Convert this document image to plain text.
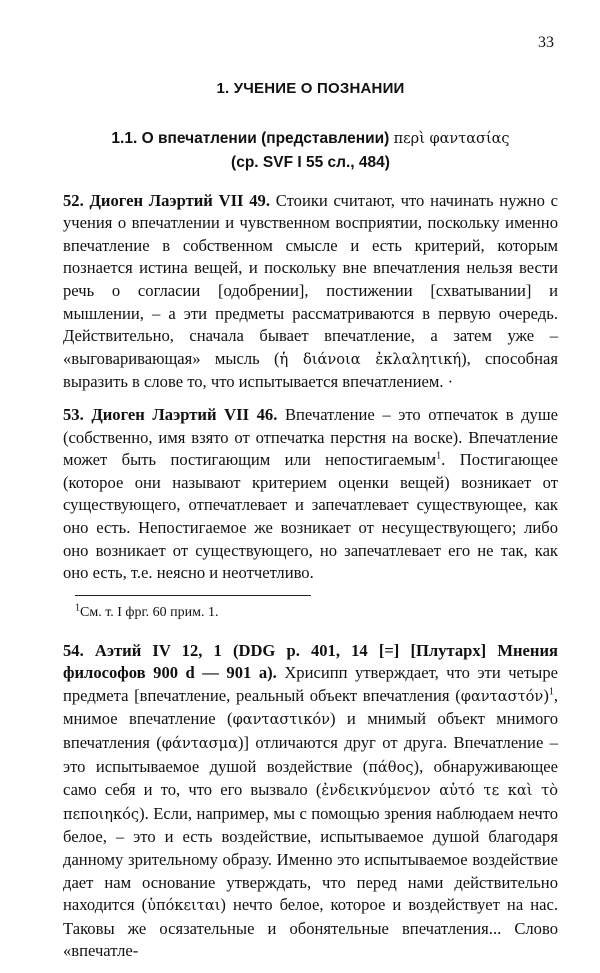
33
1. УЧЕНИЕ О ПОЗНАНИИ
1.1. О впечатлении (представлении) περὶ φαντασίας
(ср. SVF I 55 сл., 484)

52. Диоген Лаэртий VII 49. Стоики считают, что начинать нужно с учения о впечатлении и чувственном восприятии, поскольку именно впечатление в собственном смысле и есть критерий, которым познается истина вещей, и поскольку вне впечатления нельзя вести речь о согласии [одобрении], постижении [схватывании] и мышлении, – а эти предметы рассматриваются в первую очередь. Действительно, сначала бывает впечатление, а затем уже – «выговаривающая» мысль (ἡ διάνοια ἐκλαλητική), способная выразить в слове то, что испытывается впечатлением. ·

53. Диоген Лаэртий VII 46. Впечатление – это отпечаток в душе (собственно, имя взято от отпечатка перстня на воске). Впечатление может быть постигающим или непостигаемым$^1$. Постигающее (которое они называют критерием оценки вещей) возникает от существующего, отпечатлевает и запечатлевает существующее, как оно есть. Непостигаемое же возникает от несуществующего; либо оно возникает от существующего, но запечатлевает его не так, как оно есть, т.е. неясно и неотчетливо.

$^1$См. т. I фрг. 60 прим. 1.

54. Аэтий IV 12, 1 (DDG p. 401, 14 [=] [Плутарх] Мнения философов 900 d — 901 a). Хрисипп утверждает, что эти четыре предмета [впечатление, реальный объект впечатления $(\varphi\alpha\nu\tau\alpha\sigma\tau ό\nu)^1$, мнимое впечатление (φανταστικόν) и мнимый объект мнимого впечатления (φάντασμα)] отличаются друг от друга. Впечатление – это испытываемое душой воздействие (πάθος), обнаруживающее само себя и то, что его вызвало (ἐνδεικνύμενον αὑτό τε καὶ τὸ πεποιηκός). Если, например, мы с помощью зрения наблюдаем нечто белое, – это и есть воздействие, испытываемое душой благодаря данному зрительному образу. Именно это испытываемое воздействие дает нам основание утверждать, что перед нами действительно находится (ὑπόκειται) нечто белое, которое и воздействует на нас. Таковы же осязательные и обонятельные впечатления... Слово «впечатле-
